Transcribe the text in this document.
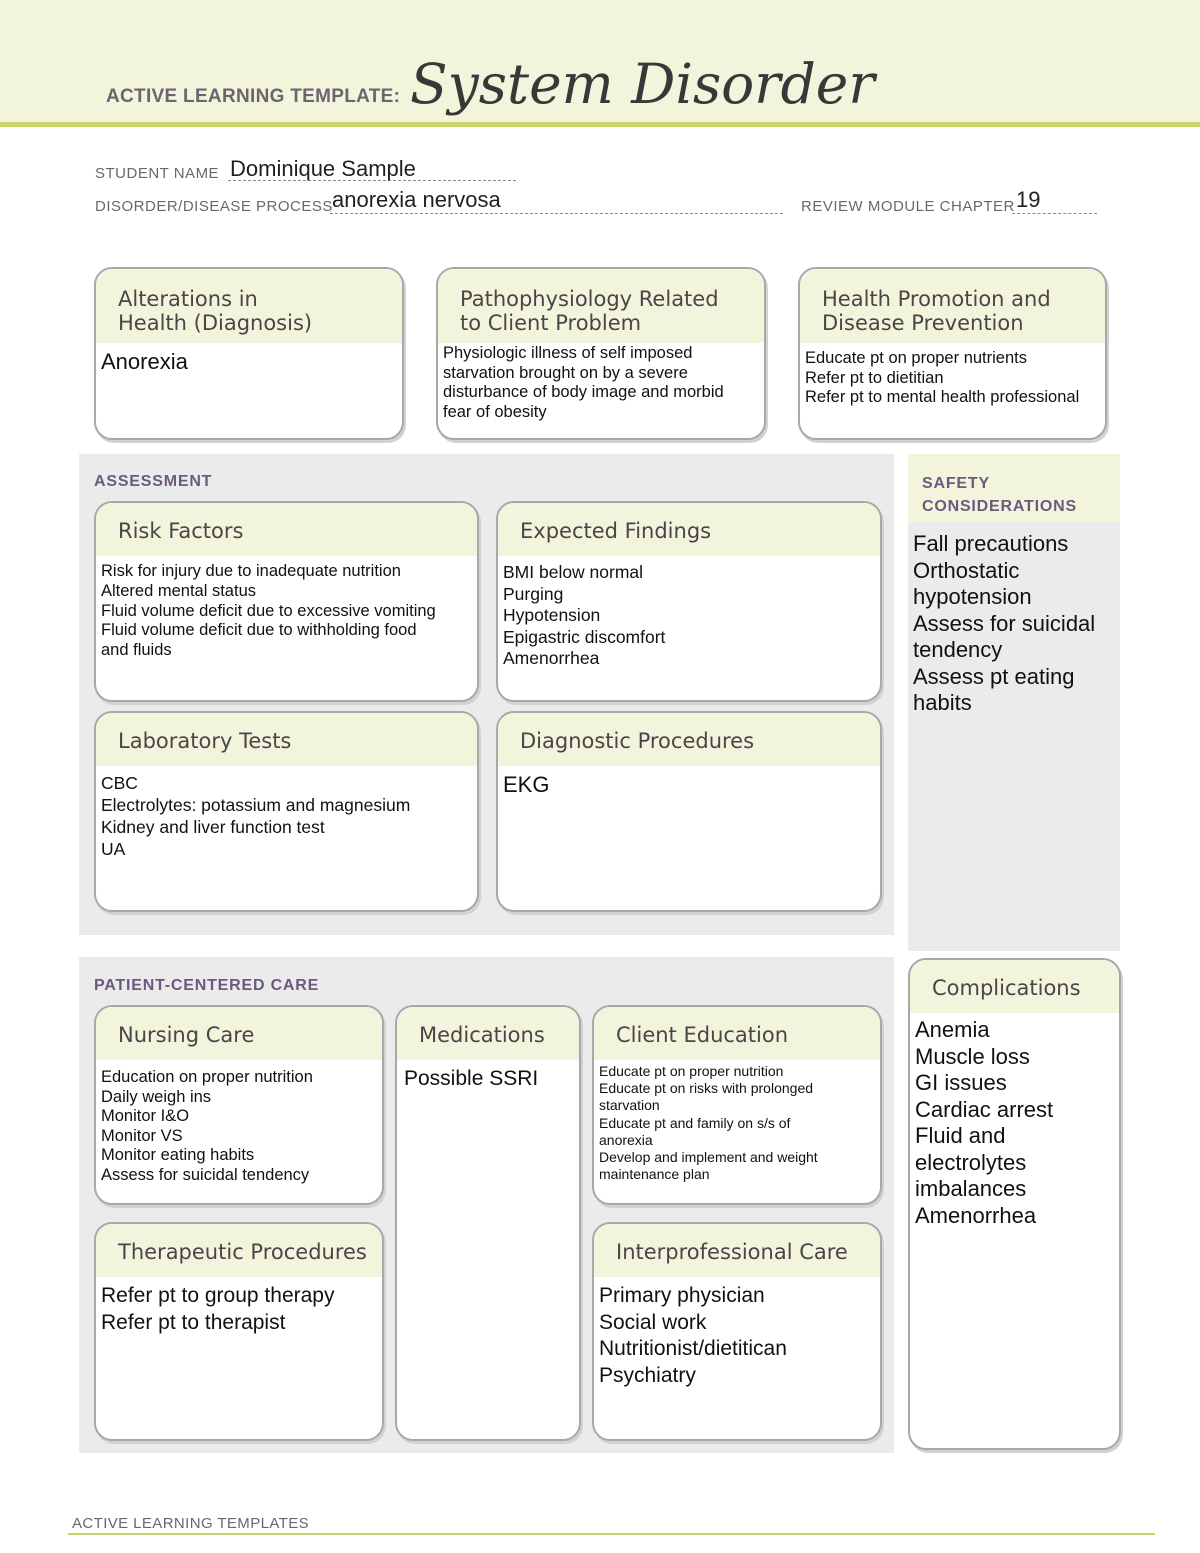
ACTIVE LEARNING TEMPLATE: System Disorder
STUDENT NAME Dominique Sample
DISORDER/DISEASE PROCESS anorexia nervosa	REVIEW MODULE CHAPTER 19
Alterations in
Health (Diagnosis)
Anorexia
Pathophysiology Related
to Client Problem
Physiologic illness of self imposed
starvation brought on by a severe
disturbance of body image and morbid
fear of obesity
Health Promotion and
Disease Prevention
Educate pt on proper nutrients
Refer pt to dietitian
Refer pt to mental health professional
ASSESSMENT
Risk Factors
Risk for injury due to inadequate nutrition
Altered mental status
Fluid volume deficit due to excessive vomiting
Fluid volume deficit due to withholding food
and fluids
Expected Findings
BMI below normal
Purging
Hypotension
Epigastric discomfort
Amenorrhea
Laboratory Tests
CBC
Electrolytes: potassium and magnesium
Kidney and liver function test
UA
Diagnostic Procedures
EKG
SAFETY
CONSIDERATIONS
Fall precautions
Orthostatic
hypotension
Assess for suicidal
tendency
Assess pt eating
habits
Complications
Anemia
Muscle loss
GI issues
Cardiac arrest
Fluid and
electrolytes
imbalances
Amenorrhea
PATIENT-CENTERED CARE
Nursing Care
Education on proper nutrition
Daily weigh ins
Monitor I&O
Monitor VS
Monitor eating habits
Assess for suicidal tendency
Medications
Possible SSRI
Client Education
Educate pt on proper nutrition
Educate pt on risks with prolonged
starvation
Educate pt and family on s/s of
anorexia
Develop and implement and weight
maintenance plan
Therapeutic Procedures
Refer pt to group therapy
Refer pt to therapist
Interprofessional Care
Primary physician
Social work
Nutritionist/dietitican
Psychiatry
ACTIVE LEARNING TEMPLATES
